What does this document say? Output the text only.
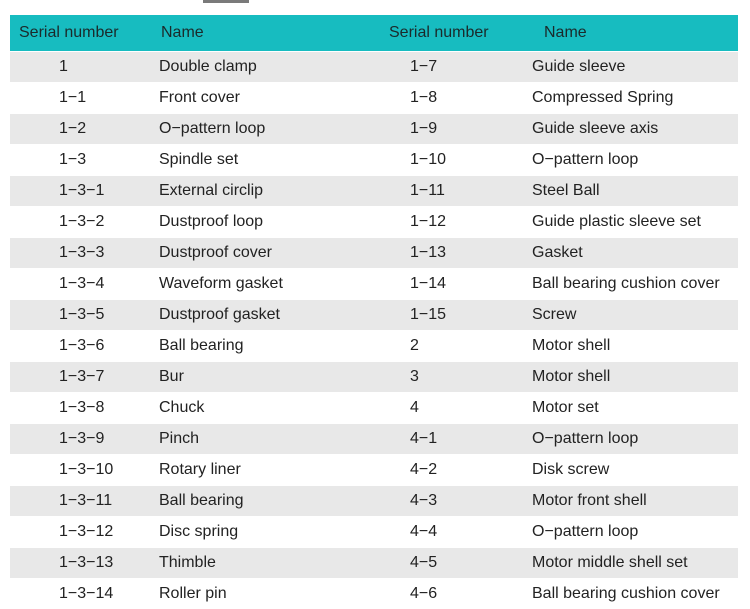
Serial number	Name	Serial number	Name
1	Double clamp	1−7	Guide sleeve
1−1	Front cover	1−8	Compressed Spring
1−2	O−pattern loop	1−9	Guide sleeve axis
1−3	Spindle set	1−10	O−pattern loop
1−3−1	External circlip	1−11	Steel Ball
1−3−2	Dustproof loop	1−12	Guide plastic sleeve set
1−3−3	Dustproof cover	1−13	Gasket
1−3−4	Waveform gasket	1−14	Ball bearing cushion cover
1−3−5	Dustproof gasket	1−15	Screw
1−3−6	Ball bearing	2	Motor shell
1−3−7	Bur	3	Motor shell
1−3−8	Chuck	4	Motor set
1−3−9	Pinch	4−1	O−pattern loop
1−3−10	Rotary liner	4−2	Disk screw
1−3−11	Ball bearing	4−3	Motor front shell
1−3−12	Disc spring	4−4	O−pattern loop
1−3−13	Thimble	4−5	Motor middle shell set
1−3−14	Roller pin	4−6	Ball bearing cushion cover
